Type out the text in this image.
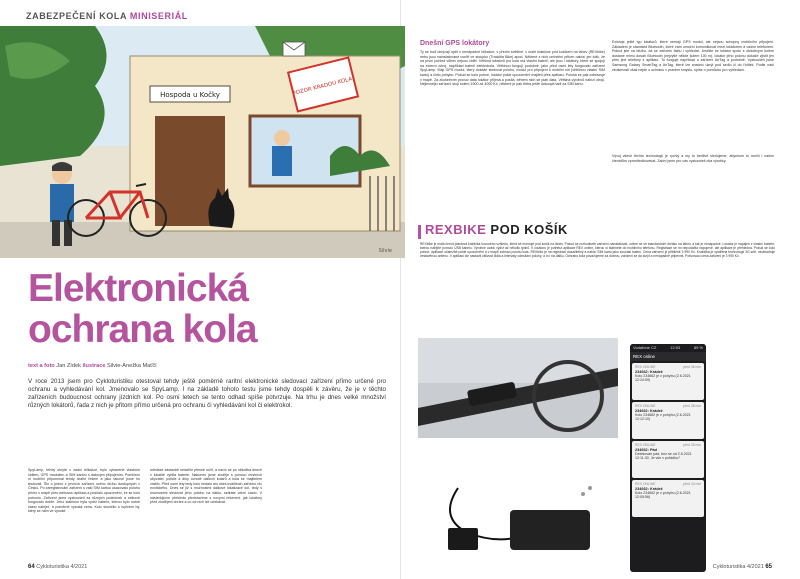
ZABEZPEČENÍ KOLA MINISERIÁL
Hospoda u Kočky	POZOR KRADOU KOLA!
Silvie
Elektronická
ochrana kola
text a foto Jan Zídek ilustrace Silvie-Anežka Maťčí

V roce 2013 jsem pro Cykloturistiku otestoval tehdy ještě poměrně raritní elektronické sledovací zařízení přímo určené pro ochranu a vyhledávání kol. Jmenovalo se SpyLamp. I na základě tohoto testu jsme tehdy dospěli k závěru, že je v těchto zařízeních budoucnost ochrany jízdních kol. Po osmi letech se tento odhad spíše potvrzuje. Na trhu je dnes velké množství různých lokátorů, řada z nich je přitom přímo určená pro ochranu či vyhledávání kol či elektrokol.

SpyLamp, tehdy ukryté v zadní blikačce, bylo vybavené vlastním čidlem, GPS modulem a SIM kartou s datovým připojením. Pomlčení ní mobilní připomínal tehdy drahé řešení a jako takové jsme ho testovali. Šlo o jedno z prvních zařízení svého druhu dostupných v Česku. Po zaregistrování zařízení s vaší SIM kartou ukazovalo polohu přímo v mapě přes webovou aplikaci a posílalo upozornění, že se kolo pohnulo. Zařízení jsme vyzkoušeli za různých podmínek a celkově fungovalo dobře. Jeho slabinou byla výdrž baterie, kterou bylo nutné často nabíjet, a poměrně vysoká cena. Kolo skončilo s lupičem by, který se nám ve vysoké

městské zástavbě nedařilo přesně určit, a navíc se po několika dnech v lokalitě vybila baterie. Nakonec jsme zloděje s pomocí místních obyvatel, policie a díky ochotě dalších kolařů a kola se majitelem vrátilo. Před osmi lety tedy kolo nedalo ani dnes kvalitních zařízení nic exotického. Dnes se již s možnostmi dálkové lokalizace kol, tedy s možnostmi sledovat jeho polohu na dálku, setkáte velmi často. V následujícím přehledu představíme s novými řešeními, jak lokátory před zlodějem chrání a co od nich lze očekávat.

Dnešní GPS lokátory

Ty se buď ukrývají opět v nenápadné blikačce, v přední světlině, v malé krabičce pod košíkem na láhev (REXbike) nebo jsou nainstalované uvnitř ve stoupku (Trackitia Bike) apod. Některé z nich umístění přitom nabízí jen tolik, že na první pohled vůbec nejsou vidět. Většina lokátorů pro kola má vlastní baterii, ale jsou i lokátory, které se spojují na externí zdroj, například baterii elektrokola. Většinou fungují podobně, jako před osmi lety fungovalo zařízení SpyLamp. Mají GPS modul, který dokáže sledovat polohu, modul pro připojení k mobilní síti (většinou vlastní SIM kartu) a čidlo pohybu. Pokud se kolo pohne, lokátor pošle upozornění majiteli přes aplikaci. Poloha se pak zobrazuje v mapě. Za zkušebním provoz data lokátor přijímá a posílá, během nich se platí data. Většina výrobců nabízí obojí. Nejlevnější zařízení stojí kolem 1500 až 4000 Kč, některé je pak třeba ještě dokoupit tarif za SIM kartu.

Existuje ještě typ lokátorů, které nemají GPS modul, ale nejsou schopny mobilního připojení. Základem je standard Bluetooth, které vám umožní komunikovat mezi lokátorem a vaším telefonem. Pokud jste na blízku, dá se zařízení faktu i vyhledat. Jestliže se lokátor spolu s obdobným kolem dostane mimo dosah Bluetooth (nejvýše někde kolem 100 m), lokátor jeho polohu dokáže zjistit jen přes jiné telefony s aplikací. To funguje například u zařízení AirTag a podobně. Vyzkoušeli jsme Samsung Galaxy SmartTag a AirTag, které lze snadno ukrýt pod sedlo či do řídítek. Podle naší zkušenosti však nejde o ochranu v pravém smyslu, spíše o pomůcku pro vyhledání.

Vývoj všech těchto technologií je rychlý a my to bedlivě sledujeme, abychom to mohli i naším čtenářům zprostředkovávat. Zatím jsme pro vás vyzkoušeli dva výrobky.

REXBIKE POD KOŠÍK

REXbike je malá černá plastová krabička kovového vzhledu, která se montuje pod košík na láhev. Pokud se rozhodnete zařízení nainstalovat, ocitne se ve standardním držáku na láhev, a tak je nenápadné. Lokátor je napájen z vlastní baterie, kterou nabíjíte pomocí USB kabelu. Výrobce uvádí výdrž až několik týdnů. K lokátoru je potřeba aplikace REX online, kterou si stáhnete do mobilního telefonu. Registrace se mi nepodařila napoprvé, ale aplikace je přehledná. Pokud se kolo pohne, aplikace okamžitě pošle upozornění a v mapě zobrazí polohu kola. REXbike je na registraci dosažitelný a nabízí SIM kartu jako součást balení. Cena zařízení je přibližně 3 990 Kč. Krabička je opatřena technologií 3G sítě, neobsahuje vestavěnou anténu. V aplikaci lze nastavit citlivost čidla a intervaly odesílání polohy, a to i na dálku. Ochranu kola považujeme za dobrou, zařízení se dá skrýt a nenápadně připevnit. Pořizovací cena zařízení je 3 990 Kč.

Vodafone CZ	12:53	89 %
REX online
REX ONLINE	před 36 min
234662: Krádež
Kolo 234662 je v pohybu (2.6.2021 12:24:59)
REX ONLINE	před 38 min
234662: Krádež
Kolo 234662 je v pohybu (2.6.2021 12:12:10)
REX ONLINE	před 39 min
234662: Pád
Detekován pád, bez se od 2.6.2021 12:11:30. Je vše v pořádku?
REX ONLINE	před 43 min
234662: Krádež
Kolo 234662 je v pohybu (2.6.2021 12:05:56)
64 Cykloturistika 4/2021	Cykloturistika 4/2021 65
